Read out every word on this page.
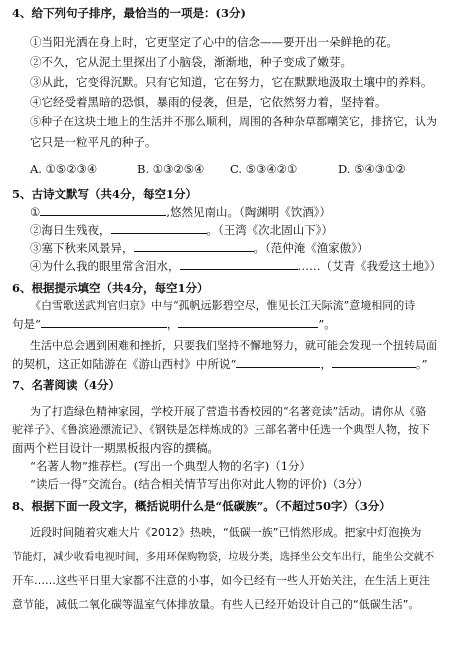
4、给下列句子排序，最恰当的一项是：(3分)
①当阳光洒在身上时，它更坚定了心中的信念——要开出一朵鲜艳的花。
②不久，它从泥土里探出了小脑袋，渐渐地，种子变成了嫩芽。
③从此，它变得沉默。只有它知道，它在努力，它在默默地汲取土壤中的养料。
④它经受着黑暗的恐惧，暴雨的侵袭，但是，它依然努力着，坚持着。
⑤种子在这块土地上的生活并不那么顺利，周围的各种杂草都嘲笑它，排挤它，认为
它只是一粒平凡的种子。
A. ①⑤②③④	B. ①③②⑤④ C. ⑤③④②①	D. ⑤④③①②
5、古诗文默写（共4分，每空1分）
①	,悠然见南山。（陶渊明《饮酒》）
②海日生残夜，	。（王湾《次北固山下》）
③塞下秋来风景异，	。（范仲淹《渔家傲》）
④为什么我的眼里常含泪水，	……（艾青《我爱这土地》）
6、根据提示填空（共4分，每空1分）
《白雪歌送武判官归京》中与“孤帆远影碧空尽，惟见长江天际流”意境相同的诗
句是“	，	”。
生活中总会遇到困难和挫折，只要我们坚持不懈地努力，就可能会发现一个扭转局面
的契机，这正如陆游在《游山西村》中所说“	，	。”
7、名著阅读（4分）
为了打造绿色精神家园，学校开展了营造书香校园的“名著竞读”活动。请你从《骆
驼祥子》、《鲁滨逊漂流记》、《钢铁是怎样炼成的》三部名著中任选一个典型人物，按下
面两个栏目设计一期黑板报内容的撰稿。
“名著人物”推荐栏。(写出一个典型人物的名字)（1分）
“读后一得”交流台。(结合相关情节写出你对此人物的评价)（3分）
8、根据下面一段文字，概括说明什么是“低碳族”。（不超过50字）（3分）
近段时间随着灾难大片《2012》热映，“低碳一族”已悄然形成。把家中灯泡换为
节能灯，减少收看电视时间，多用环保购物袋，垃圾分类，选择坐公交车出行，能坐公交就不
开车……这些平日里大家都不注意的小事，如今已经有一些人开始关注，在生活上更注
意节能，减低二氧化碳等温室气体排放量。有些人已经开始设计自己的“低碳生活”。
